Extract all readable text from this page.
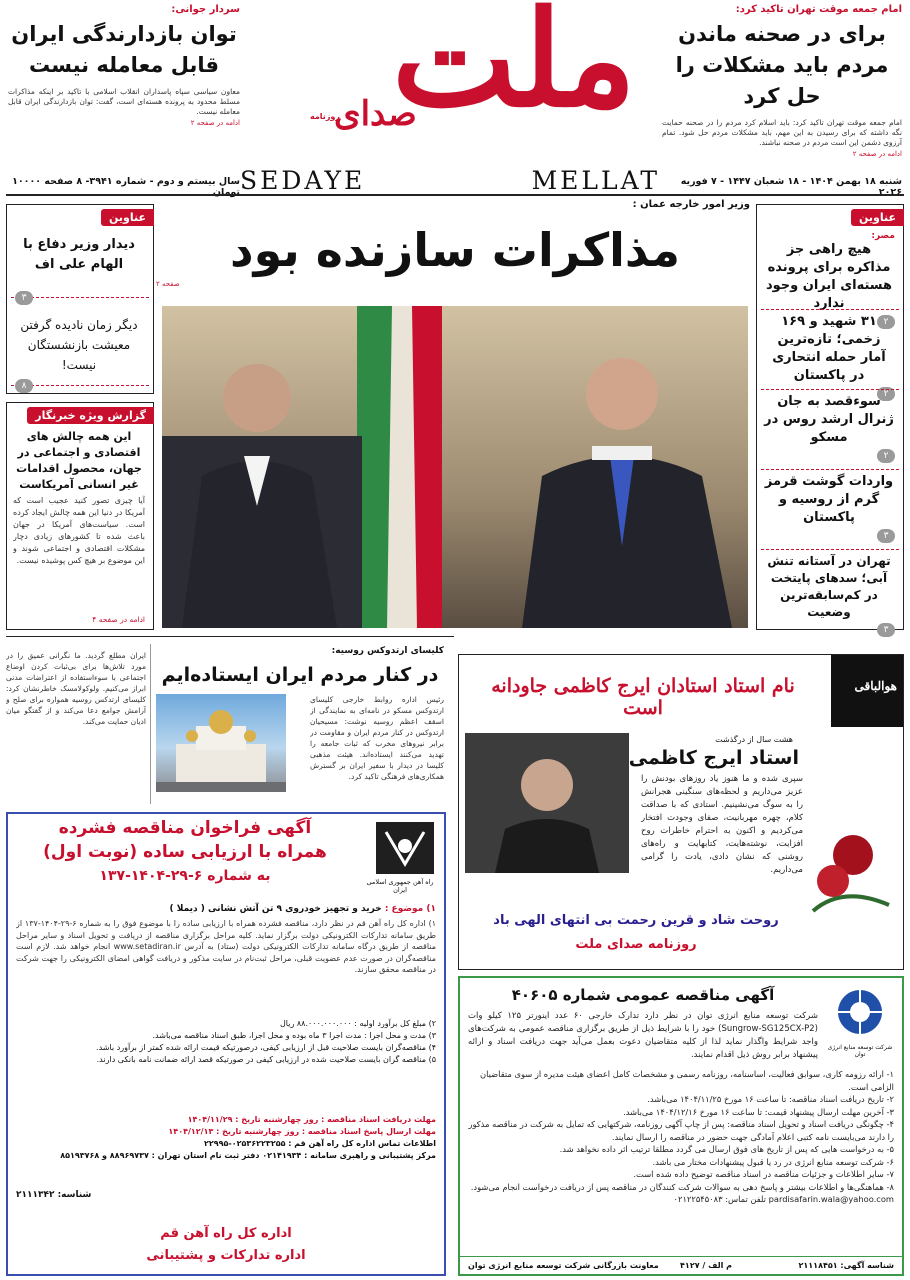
امام جمعه موقت تهران تاکید کرد:
برای در صحنه ماندن مردم باید مشکلات را حل کرد
امام جمعه موقت تهران تاکید کرد: باید اسلام کرد مردم را در صحنه حمایت نگه داشته که برای رسیدن به این مهم، باید مشکلات مردم حل شود. تمام آرزوی دشمن این است مردم در صحنه نباشند.
ادامه در صفحه ۲
سردار جوانی:
توان بازدارندگی ایران قابل معامله نیست
معاون سیاسی سپاه پاسداران انقلاب اسلامی با تاکید بر اینکه مذاکرات مسلط محدود به پرونده هسته‌ای است، گفت: توان بازدارندگی ایران قابل معامله نیست.
ادامه در صفحه ۲ ملت
صدای
روزنامه
SEDAYE	MELLAT	شنبه ۱۸ بهمن ۱۴۰۴ - ۱۸ شعبان ۱۴۴۷ - ۷ فوریه ۲۰۲۶
سال بیستم و دوم - شماره ۳۹۴۱- ۸ صفحه ۱۰۰۰۰ تومان
وزیر امور خارجه عمان :
مذاکرات سازنده بود
صفحه ۲
عناوین
مصر:
هیچ راهی جز مذاکره برای پرونده هسته‌ای ایران وجود ندارد
۲
۳۱ شهید و ۱۶۹ زخمی؛ تازه‌ترین آمار حمله انتحاری در پاکستان
۲
سوءقصد به جان ژنرال ارشد روس در مسکو
۲
واردات گوشت قرمز گرم از روسیه و پاکستان
۳
تهران در آستانه تنش آبی؛ سدهای پایتخت در کم‌سابقه‌ترین وضعیت
۳
عناوین
دیدار وزیر دفاع با الهام علی اف
۳
دیگر زمان نادیده گرفتن معیشت بازنشستگان نیست!
۸
گزارش ویژه خبرنگار
این همه چالش های اقتصادی و اجتماعی در جهان، محصول اقدامات غیر انسانی آمریکاست
آیا چیزی تصور کنید عجیب است که آمریکا در دنیا این همه چالش ایجاد کرده است. سیاست‌های آمریکا در جهان باعث شده تا کشورهای زیادی دچار مشکلات اقتصادی و اجتماعی شوند و این موضوع بر هیچ کس پوشیده نیست.
ادامه در صفحه ۴
ایران مطلع گردید. ما نگرانی عمیق را در مورد تلاش‌ها برای بی‌ثبات کردن اوضاع اجتماعی با سوءاستفاده از اعتراضات مدنی ابراز می‌کنیم. ولوکولامسک خاطرنشان کرد: کلیسای ارتدکس روسیه همواره برای صلح و آرامش جوامع دعا می‌کند و از گفتگو میان ادیان حمایت می‌کند.
کلیسای ارتدوکس روسیه:
در کنار مردم ایران ایستاده‌ایم
رئیس اداره روابط خارجی کلیسای ارتدوکس مسکو در نامه‌ای به نمایندگی از اسقف اعظم روسیه نوشت: مسیحیان ارتدوکس در کنار مردم ایران و مقاومت در برابر نیروهای مخرب که ثبات جامعه را تهدید می‌کنند ایستاده‌اند. هیئت مذهبی کلیسا در دیدار با سفیر ایران بر گسترش همکاری‌های فرهنگی تاکید کرد.
هوالباقی
نام استاد استادان ایرج کاظمی جاودانه است
هشت سال از درگذشت
استاد ایرج کاظمی
سپری شده و ما هنوز یاد روزهای بودنش را عزیز می‌داریم و لحظه‌های سنگینی هجرانش را به سوگ می‌نشینیم. استادی که با صداقت کلام، چهره مهربانیت، صفای وجودت افتخار می‌کردیم و اکنون به احترام خاطرات روح افزایت، نوشته‌هایت، کتابهایت و راه‌های روشنی که نشان دادی، یادت را گرامی می‌داریم.
روحت شاد و قرین رحمت بی انتهای الهی باد
روزنامه صدای ملت
راه آهن جمهوری اسلامی ایران
آگهی فراخوان مناقصه فشرده
همراه با ارزیابی ساده (نوبت اول)
به شماره ۶-۲۹-۱۴۰۴-۱۳۷
۱) موضوع : خرید و تجهیز خودروی ۹ تن آتش نشانی ( دیملا )
۱) اداره کل راه آهن قم در نظر دارد، مناقصه فشرده همراه با ارزیابی ساده را با موضوع فوق را به شماره ۶-۲۹-۱۴۰۴-۱۳۷ از طریق سامانه تدارکات الکترونیکی دولت برگزار نماید. کلیه مراحل برگزاری مناقصه از دریافت و تحویل اسناد و سایر مراحل مناقصه از طریق درگاه سامانه تدارکات الکترونیکی دولت (ستاد) به آدرس www.setadiran.ir انجام خواهد شد. لازم است مناقصه‌گران در صورت عدم عضویت قبلی، مراحل ثبت‌نام در سایت مذکور و دریافت گواهی امضای الکترونیکی را جهت شرکت در مناقصه محقق سازند.
۲) مبلغ کل برآورد اولیه : ۸۸.۰۰۰.۰۰۰.۰۰۰ ریال
۳) مدت و محل اجرا : مدت اجرا ۳ ماه بوده و محل اجرا، طبق اسناد مناقصه می‌باشد.
۴) مناقصه‌گران بایست صلاحیت قبل از ارزیابی کیفی، درصورتیکه قیمت ارائه شده کمتر از برآورد باشد.
۵) مناقصه گران بایست صلاحیت شده در ارزیابی کیفی در صورتیکه قصد ارائه ضمانت نامه بانکی دارند.
مهلت دریافت اسناد مناقصه : روز چهارشنبه تاریخ : ۱۴۰۴/۱۱/۲۹
مهلت ارسال پاسخ اسناد مناقصه : روز چهارشنبه تاریخ : ۱۴۰۴/۱۲/۱۳
اطلاعات تماس اداره کل راه آهن قم : ۰۲۵۳۶۲۲۳۲۵۵-۲۲۹۹۵
مرکز پشتیبانی و راهبری سامانه : ۰۲۱۴۱۹۳۴ دفتر ثبت نام استان تهران : ۸۸۹۶۹۷۳۷ و ۸۵۱۹۳۷۶۸
شناسه: ۲۱۱۱۳۴۲
اداره کل راه آهن قم
اداره تدارکات و پشتیبانی
شرکت توسعه منابع انرژی توان
آگهی مناقصه عمومی شماره ۴۰۶۰۵
شرکت توسعه منابع انرژی توان در نظر دارد تدارک خارجی ۶۰ عدد اینورتر ۱۲۵ کیلو وات (Sungrow-SG125CX-P2) خود را با شرایط ذیل از طریق برگزاری مناقصه عمومی به شرکت‌های واجد شرایط واگذار نماید لذا از کلیه متقاضیان دعوت بعمل می‌آید جهت دریافت اسناد و ارائه پیشنهاد برابر روش ذیل اقدام نمایند.
۱- ارائه رزومه کاری، سوابق فعالیت، اساسنامه، روزنامه رسمی و مشخصات کامل اعضای هیئت مدیره از سوی متقاضیان الزامی است.
۲- تاریخ دریافت اسناد مناقصه: تا ساعت ۱۶ مورخ ۱۴۰۴/۱۱/۲۵ می‌باشد.
۳- آخرین مهلت ارسال پیشنهاد قیمت: تا ساعت ۱۶ مورخ ۱۴۰۴/۱۲/۱۶ می‌باشد.
۴- چگونگی دریافت اسناد و تحویل اسناد مناقصه: پس از چاپ آگهی روزنامه، شرکتهایی که تمایل به شرکت در مناقصه مذکور را دارند می‌بایست نامه کتبی اعلام آمادگی جهت حضور در مناقصه را ارسال نمایند.
۵- به درخواست هایی که پس از تاریخ های فوق ارسال می گردد مطلقا ترتیب اثر داده نخواهد شد.
۶- شرکت توسعه منابع انرژی در رد یا قبول پیشنهادات مختار می باشد.
۷- سایر اطلاعات و جزئیات مناقصه در اسناد مناقصه توضیح داده شده است.
۸- هماهنگی‌ها و اطلاعات بیشتر و پاسخ دهی به سوالات شرکت کنندگان در مناقصه پس از دریافت درخواست انجام می‌شود. pardisafarin.wala@yahoo.com تلفن تماس: ۰۲۱۲۲۵۴۵۰۸۳
شناسه آگهی: ۲۱۱۱۸۴۵۱
م الف / ۴۱۲۷
معاونت بازرگانی شرکت توسعه منابع انرژی توان
